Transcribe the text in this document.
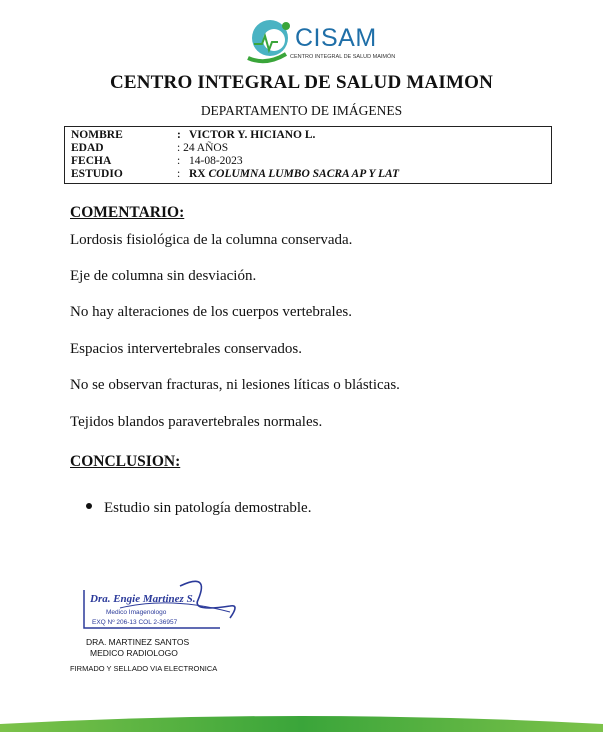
CISAM
CENTRO INTEGRAL DE SALUD MAIMÓN
CENTRO INTEGRAL DE SALUD MAIMON
DEPARTAMENTO DE IMÁGENES
NOMBRE	: VICTOR Y. HICIANO L.
EDAD	: 24 AÑOS
FECHA	: 14-08-2023
ESTUDIO	: RX COLUMNA LUMBO SACRA AP Y LAT
COMENTARIO:
Lordosis fisiológica de la columna conservada.
Eje de columna sin desviación.
No hay alteraciones de los cuerpos vertebrales.
Espacios intervertebrales conservados.
No se observan fracturas, ni lesiones líticas o blásticas.
Tejidos blandos paravertebrales normales.
CONCLUSION:
Estudio sin patología demostrable.
Dra. Engie Martinez S.
Medico Imagenologo
EXQ Nº 206-13 COL 2-36957
DRA. MARTINEZ SANTOS
MEDICO RADIOLOGO
FIRMADO Y SELLADO VIA ELECTRONICA
